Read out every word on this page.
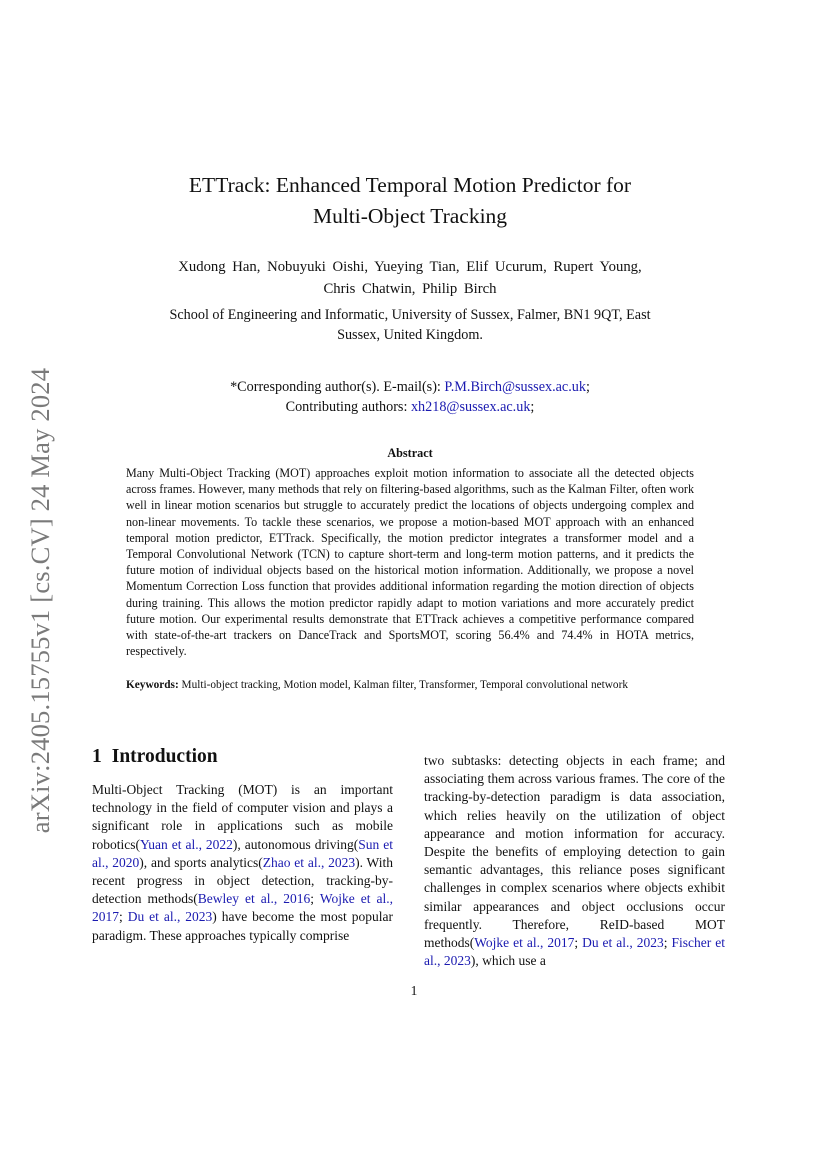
arXiv:2405.15755v1 [cs.CV] 24 May 2024
ETTrack: Enhanced Temporal Motion Predictor for
Multi-Object Tracking
Xudong Han, Nobuyuki Oishi, Yueying Tian, Elif Ucurum, Rupert Young,
Chris Chatwin, Philip Birch
School of Engineering and Informatic, University of Sussex, Falmer, BN1 9QT, East
Sussex, United Kingdom.
*Corresponding author(s). E-mail(s): P.M.Birch@sussex.ac.uk;
Contributing authors: xh218@sussex.ac.uk;
Abstract
Many Multi-Object Tracking (MOT) approaches exploit motion information to associate all the detected objects across frames. However, many methods that rely on filtering-based algorithms, such as the Kalman Filter, often work well in linear motion scenarios but struggle to accurately predict the locations of objects undergoing complex and non-linear movements. To tackle these scenarios, we propose a motion-based MOT approach with an enhanced temporal motion predictor, ETTrack. Specifically, the motion predictor integrates a transformer model and a Temporal Convolutional Network (TCN) to capture short-term and long-term motion patterns, and it predicts the future motion of individual objects based on the historical motion information. Additionally, we propose a novel Momentum Correction Loss function that provides additional information regarding the motion direction of objects during training. This allows the motion predictor rapidly adapt to motion variations and more accurately predict future motion. Our experimental results demonstrate that ETTrack achieves a competitive performance compared with state-of-the-art trackers on DanceTrack and SportsMOT, scoring 56.4% and 74.4% in HOTA metrics, respectively.
Keywords: Multi-object tracking, Motion model, Kalman filter, Transformer, Temporal convolutional network
1 Introduction
Multi-Object Tracking (MOT) is an important technology in the field of computer vision and plays a significant role in applications such as mobile robotics(Yuan et al., 2022), autonomous driving(Sun et al., 2020), and sports analytics(Zhao et al., 2023). With recent progress in object detection, tracking-by-detection methods(Bewley et al., 2016; Wojke et al., 2017; Du et al., 2023) have become the most popular paradigm. These approaches typically comprise
two subtasks: detecting objects in each frame; and associating them across various frames. The core of the tracking-by-detection paradigm is data association, which relies heavily on the utilization of object appearance and motion information for accuracy. Despite the benefits of employing detection to gain semantic advantages, this reliance poses significant challenges in complex scenarios where objects exhibit similar appearances and object occlusions occur frequently. Therefore, ReID-based MOT methods(Wojke et al., 2017; Du et al., 2023; Fischer et al., 2023), which use a
1
